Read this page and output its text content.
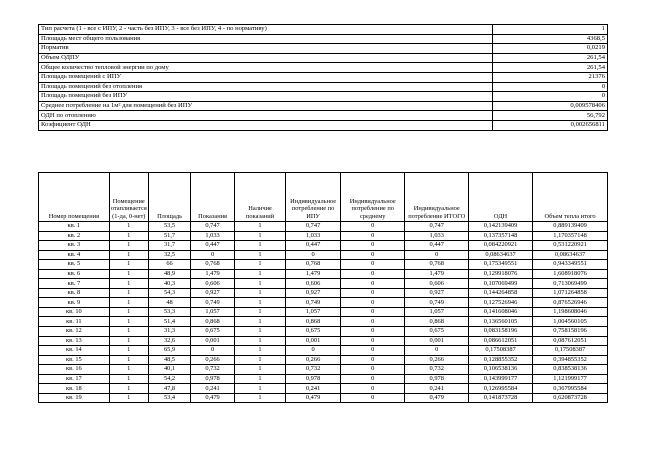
Тип расчета (1 - все с ИПУ, 2 - часть без ИПУ, 3 - все без ИПУ, 4 - по нормативу)	1
Площадь мест общего пользования	4368,5
Норматив	0,0219
Объем ОДПУ	261,54
Общее количество тепловой энергии по дому	261,54
Площадь помещений с ИПУ	21376
Площадь помещений без отопления	0
Площадь помещений без ИПУ	0
Среднее потребление на 1м² для помещений без ИПУ	0,009578406
ОДН по отоплению	56,792
Коэфициент ОДН	0,002656811
Номер помещения	Помещение отапливается (1-да, 0-нет)	Площадь	Показания	Наличие показаний	Индивидуальное потребление по ИПУ	Индивидуальное потребление по среднему	Индивидуальное потребление ИТОГО	ОДН	Объем тепла итого
кв. 1	1	53,5	0,747	1	0,747	0	0,747	0,142139409	0,889139409
кв. 2	1	51,7	1,033	1	1,033	0	1,033	0,137357148	1,170357148
кв. 3	1	31,7	0,447	1	0,447	0	0,447	0,084220921	0,531220921
кв. 4	1	32,5	0	1	0	0	0	0,08634637	0,08634637
кв. 5	1	66	0,768	1	0,768	0	0,768	0,175349551	0,943349551
кв. 6	1	48,9	1,479	1	1,479	0	1,479	0,129918076	1,608918076
кв. 7	1	40,3	0,606	1	0,606	0	0,606	0,107069499	0,713069499
кв. 8	1	54,3	0,927	1	0,927	0	0,927	0,144264858	1,071264858
кв. 9	1	48	0,749	1	0,749	0	0,749	0,127526946	0,876526946
кв. 10	1	53,3	1,057	1	1,057	0	1,057	0,141608046	1,198608046
кв. 11	1	51,4	0,868	1	0,868	0	0,868	0,136560105	1,004560105
кв. 12	1	31,3	0,675	1	0,675	0	0,675	0,083158196	0,758158196
кв. 13	1	32,6	0,001	1	0,001	0	0,001	0,086612051	0,087612051
кв. 14	1	65,9	0	1	0	0	0	0,17508387	0,17508387
кв. 15	1	48,5	0,266	1	0,266	0	0,266	0,128855352	0,394855352
кв. 16	1	40,1	0,732	1	0,732	0	0,732	0,106538136	0,838538136
кв. 17	1	54,2	0,978	1	0,978	0	0,978	0,143999177	1,121999177
кв. 18	1	47,8	0,241	1	0,241	0	0,241	0,126995584	0,367995584
кв. 19	1	53,4	0,479	1	0,479	0	0,479	0,141873728	0,620873728
